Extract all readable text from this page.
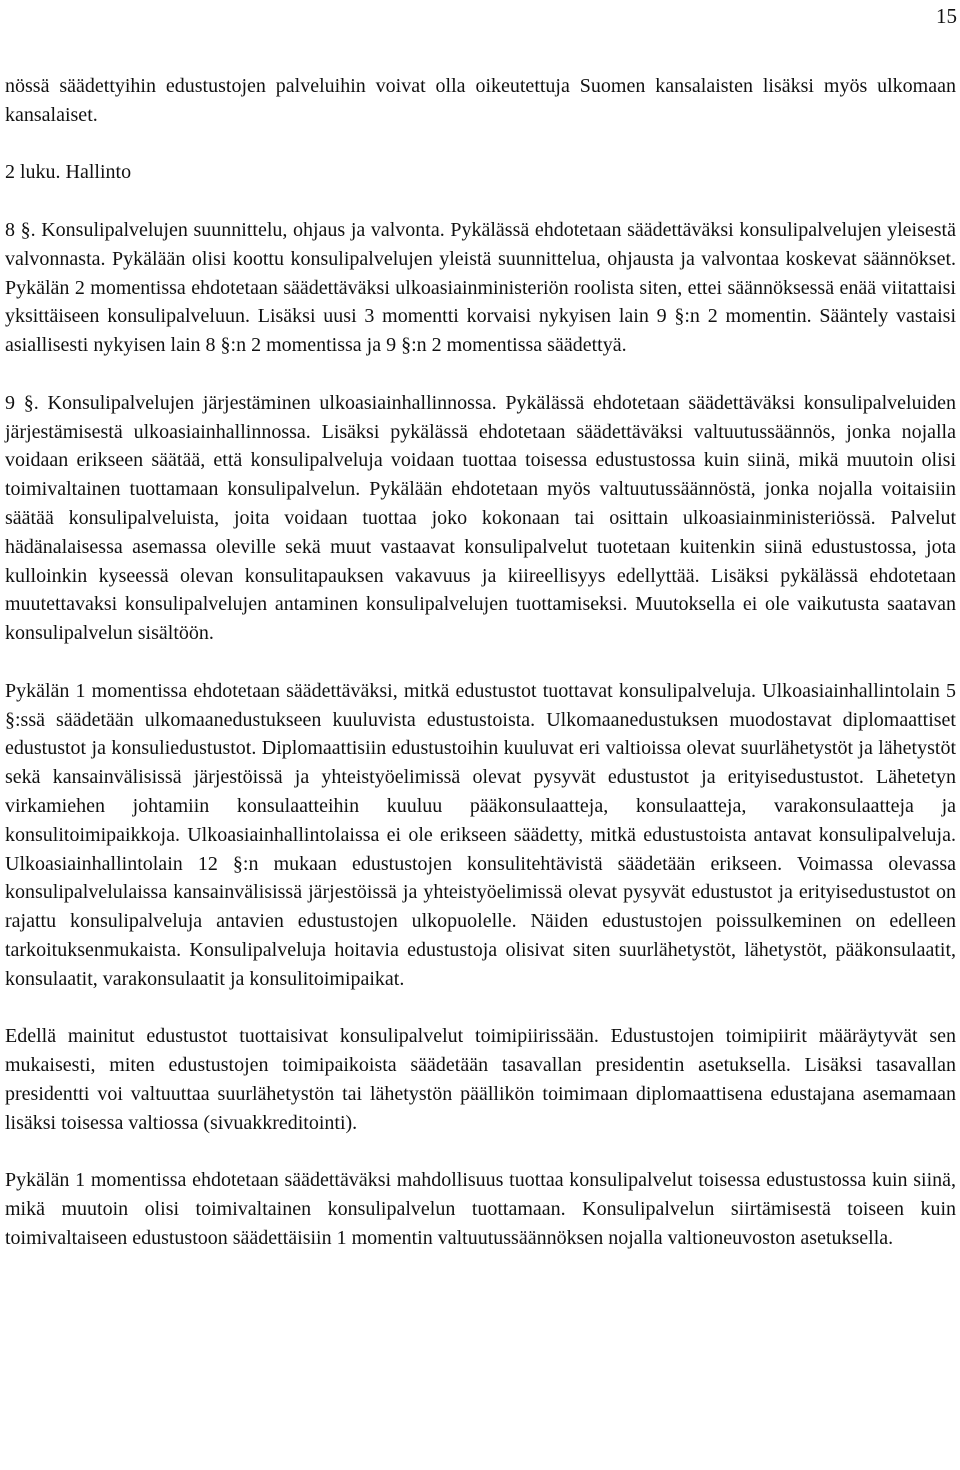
15

nössä säädettyihin edustustojen palveluihin voivat olla oikeutettuja Suomen kansalaisten lisäksi myös ulkomaan kansalaiset.

2 luku. Hallinto

8 §. Konsulipalvelujen suunnittelu, ohjaus ja valvonta. Pykälässä ehdotetaan säädettäväksi konsulipalvelujen yleisestä valvonnasta. Pykälään olisi koottu konsulipalvelujen yleistä suunnittelua, ohjausta ja valvontaa koskevat säännökset. Pykälän 2 momentissa ehdotetaan säädettäväksi ulkoasiainministeriön roolista siten, ettei säännöksessä enää viitattaisi yksittäiseen konsulipalveluun. Lisäksi uusi 3 momentti korvaisi nykyisen lain 9 §:n 2 momentin. Sääntely vastaisi asiallisesti nykyisen lain 8 §:n 2 momentissa ja 9 §:n 2 momentissa säädettyä.

9 §. Konsulipalvelujen järjestäminen ulkoasiainhallinnossa. Pykälässä ehdotetaan säädettäväksi konsulipalveluiden järjestämisestä ulkoasiainhallinnossa. Lisäksi pykälässä ehdotetaan säädettäväksi valtuutussäännös, jonka nojalla voidaan erikseen säätää, että konsulipalveluja voidaan tuottaa toisessa edustustossa kuin siinä, mikä muutoin olisi toimivaltainen tuottamaan konsulipalvelun. Pykälään ehdotetaan myös valtuutussäännöstä, jonka nojalla voitaisiin säätää konsulipalveluista, joita voidaan tuottaa joko kokonaan tai osittain ulkoasiainministeriössä. Palvelut hädänalaisessa asemassa oleville sekä muut vastaavat konsulipalvelut tuotetaan kuitenkin siinä edustustossa, jota kulloinkin kyseessä olevan konsulitapauksen vakavuus ja kiireellisyys edellyttää. Lisäksi pykälässä ehdotetaan muutettavaksi konsulipalvelujen antaminen konsulipalvelujen tuottamiseksi. Muutoksella ei ole vaikutusta saatavan konsulipalvelun sisältöön.

Pykälän 1 momentissa ehdotetaan säädettäväksi, mitkä edustustot tuottavat konsulipalveluja. Ulkoasiainhallintolain 5 §:ssä säädetään ulkomaanedustukseen kuuluvista edustustoista. Ulkomaanedustuksen muodostavat diplomaattiset edustustot ja konsuliedustustot. Diplomaattisiin edustustoihin kuuluvat eri valtioissa olevat suurlähetystöt ja lähetystöt sekä kansainvälisissä järjestöissä ja yhteistyöelimissä olevat pysyvät edustustot ja erityisedustustot. Lähetetyn virkamiehen johtamiin konsulaatteihin kuuluu pääkonsulaatteja, konsulaatteja, varakonsulaatteja ja konsulitoimipaikkoja. Ulkoasiainhallintolaissa ei ole erikseen säädetty, mitkä edustustoista antavat konsulipalveluja. Ulkoasiainhallintolain 12 §:n mukaan edustustojen konsulitehtävistä säädetään erikseen. Voimassa olevassa konsulipalvelulaissa kansainvälisissä järjestöissä ja yhteistyöelimissä olevat pysyvät edustustot ja erityisedustustot on rajattu konsulipalveluja antavien edustustojen ulkopuolelle. Näiden edustustojen poissulkeminen on edelleen tarkoituksenmukaista. Konsulipalveluja hoitavia edustustoja olisivat siten suurlähetystöt, lähetystöt, pääkonsulaatit, konsulaatit, varakonsulaatit ja konsulitoimipaikat.

Edellä mainitut edustustot tuottaisivat konsulipalvelut toimipiirissään. Edustustojen toimipiirit määräytyvät sen mukaisesti, miten edustustojen toimipaikoista säädetään tasavallan presidentin asetuksella. Lisäksi tasavallan presidentti voi valtuuttaa suurlähetystön tai lähetystön päällikön toimimaan diplomaattisena edustajana asemamaan lisäksi toisessa valtiossa (sivuakkreditointi).

Pykälän 1 momentissa ehdotetaan säädettäväksi mahdollisuus tuottaa konsulipalvelut toisessa edustustossa kuin siinä, mikä muutoin olisi toimivaltainen konsulipalvelun tuottamaan. Konsulipalvelun siirtämisestä toiseen kuin toimivaltaiseen edustustoon säädettäisiin 1 momentin valtuutussäännöksen nojalla valtioneuvoston asetuksella.
